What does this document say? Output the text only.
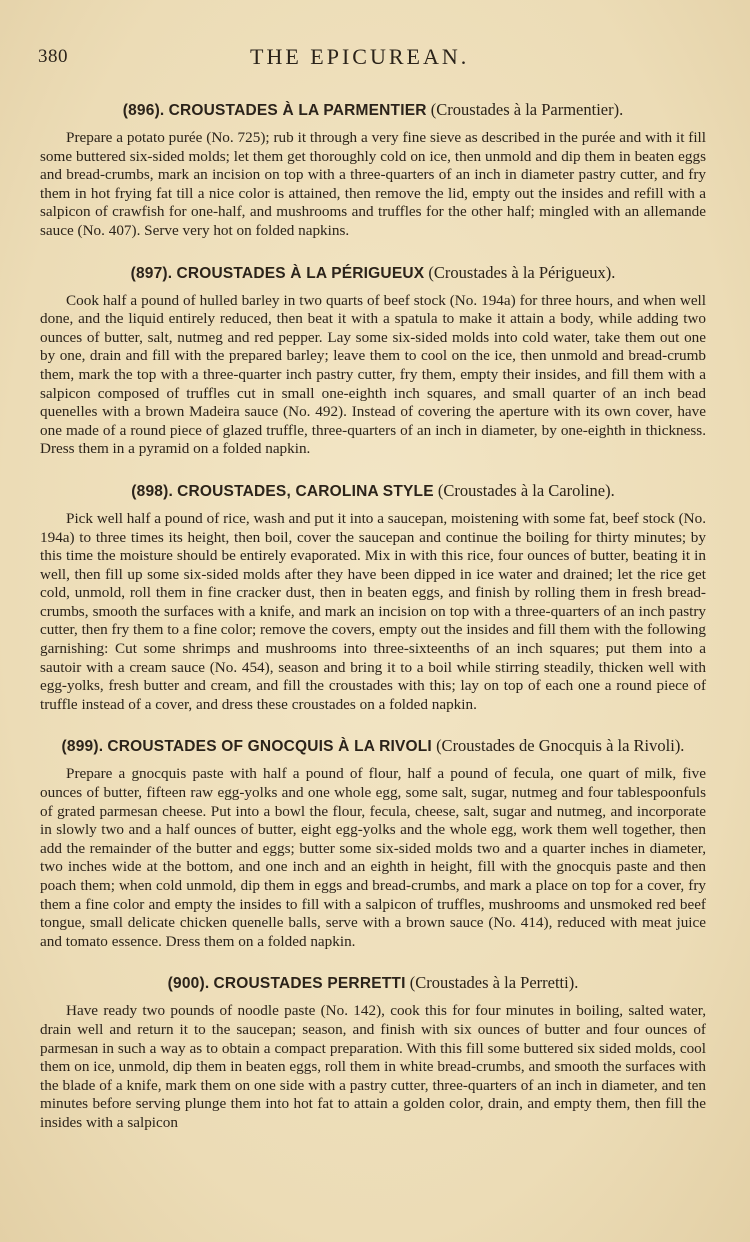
380	THE EPICUREAN.

(896). CROUSTADES À LA PARMENTIER (Croustades à la Parmentier).

Prepare a potato purée (No. 725); rub it through a very fine sieve as described in the purée and with it fill some buttered six-sided molds; let them get thoroughly cold on ice, then unmold and dip them in beaten eggs and bread-crumbs, mark an incision on top with a three-quarters of an inch in diameter pastry cutter, and fry them in hot frying fat till a nice color is attained, then remove the lid, empty out the insides and refill with a salpicon of crawfish for one-half, and mushrooms and truffles for the other half; mingled with an allemande sauce (No. 407). Serve very hot on folded napkins.

(897). CROUSTADES À LA PÉRIGUEUX (Croustades à la Périgueux).

Cook half a pound of hulled barley in two quarts of beef stock (No. 194a) for three hours, and when well done, and the liquid entirely reduced, then beat it with a spatula to make it attain a body, while adding two ounces of butter, salt, nutmeg and red pepper. Lay some six-sided molds into cold water, take them out one by one, drain and fill with the prepared barley; leave them to cool on the ice, then unmold and bread-crumb them, mark the top with a three-quarter inch pastry cutter, fry them, empty their insides, and fill them with a salpicon composed of truffles cut in small one-eighth inch squares, and small quarter of an inch bead quenelles with a brown Madeira sauce (No. 492). Instead of covering the aperture with its own cover, have one made of a round piece of glazed truffle, three-quarters of an inch in diameter, by one-eighth in thickness. Dress them in a pyramid on a folded napkin.

(898). CROUSTADES, CAROLINA STYLE (Croustades à la Caroline).

Pick well half a pound of rice, wash and put it into a saucepan, moistening with some fat, beef stock (No. 194a) to three times its height, then boil, cover the saucepan and continue the boiling for thirty minutes; by this time the moisture should be entirely evaporated. Mix in with this rice, four ounces of butter, beating it in well, then fill up some six-sided molds after they have been dipped in ice water and drained; let the rice get cold, unmold, roll them in fine cracker dust, then in beaten eggs, and finish by rolling them in fresh bread-crumbs, smooth the surfaces with a knife, and mark an incision on top with a three-quarters of an inch pastry cutter, then fry them to a fine color; remove the covers, empty out the insides and fill them with the following garnishing: Cut some shrimps and mushrooms into three-sixteenths of an inch squares; put them into a sautoir with a cream sauce (No. 454), season and bring it to a boil while stirring steadily, thicken well with egg-yolks, fresh butter and cream, and fill the croustades with this; lay on top of each one a round piece of truffle instead of a cover, and dress these croustades on a folded napkin.

(899). CROUSTADES OF GNOCQUIS À LA RIVOLI (Croustades de Gnocquis à la Rivoli).

Prepare a gnocquis paste with half a pound of flour, half a pound of fecula, one quart of milk, five ounces of butter, fifteen raw egg-yolks and one whole egg, some salt, sugar, nutmeg and four tablespoonfuls of grated parmesan cheese. Put into a bowl the flour, fecula, cheese, salt, sugar and nutmeg, and incorporate in slowly two and a half ounces of butter, eight egg-yolks and the whole egg, work them well together, then add the remainder of the butter and eggs; butter some six-sided molds two and a quarter inches in diameter, two inches wide at the bottom, and one inch and an eighth in height, fill with the gnocquis paste and then poach them; when cold unmold, dip them in eggs and bread-crumbs, and mark a place on top for a cover, fry them a fine color and empty the insides to fill with a salpicon of truffles, mushrooms and unsmoked red beef tongue, small delicate chicken quenelle balls, serve with a brown sauce (No. 414), reduced with meat juice and tomato essence. Dress them on a folded napkin.

(900). CROUSTADES PERRETTI (Croustades à la Perretti).

Have ready two pounds of noodle paste (No. 142), cook this for four minutes in boiling, salted water, drain well and return it to the saucepan; season, and finish with six ounces of butter and four ounces of parmesan in such a way as to obtain a compact preparation. With this fill some buttered six sided molds, cool them on ice, unmold, dip them in beaten eggs, roll them in white bread-crumbs, and smooth the surfaces with the blade of a knife, mark them on one side with a pastry cutter, three-quarters of an inch in diameter, and ten minutes before serving plunge them into hot fat to attain a golden color, drain, and empty them, then fill the insides with a salpicon
